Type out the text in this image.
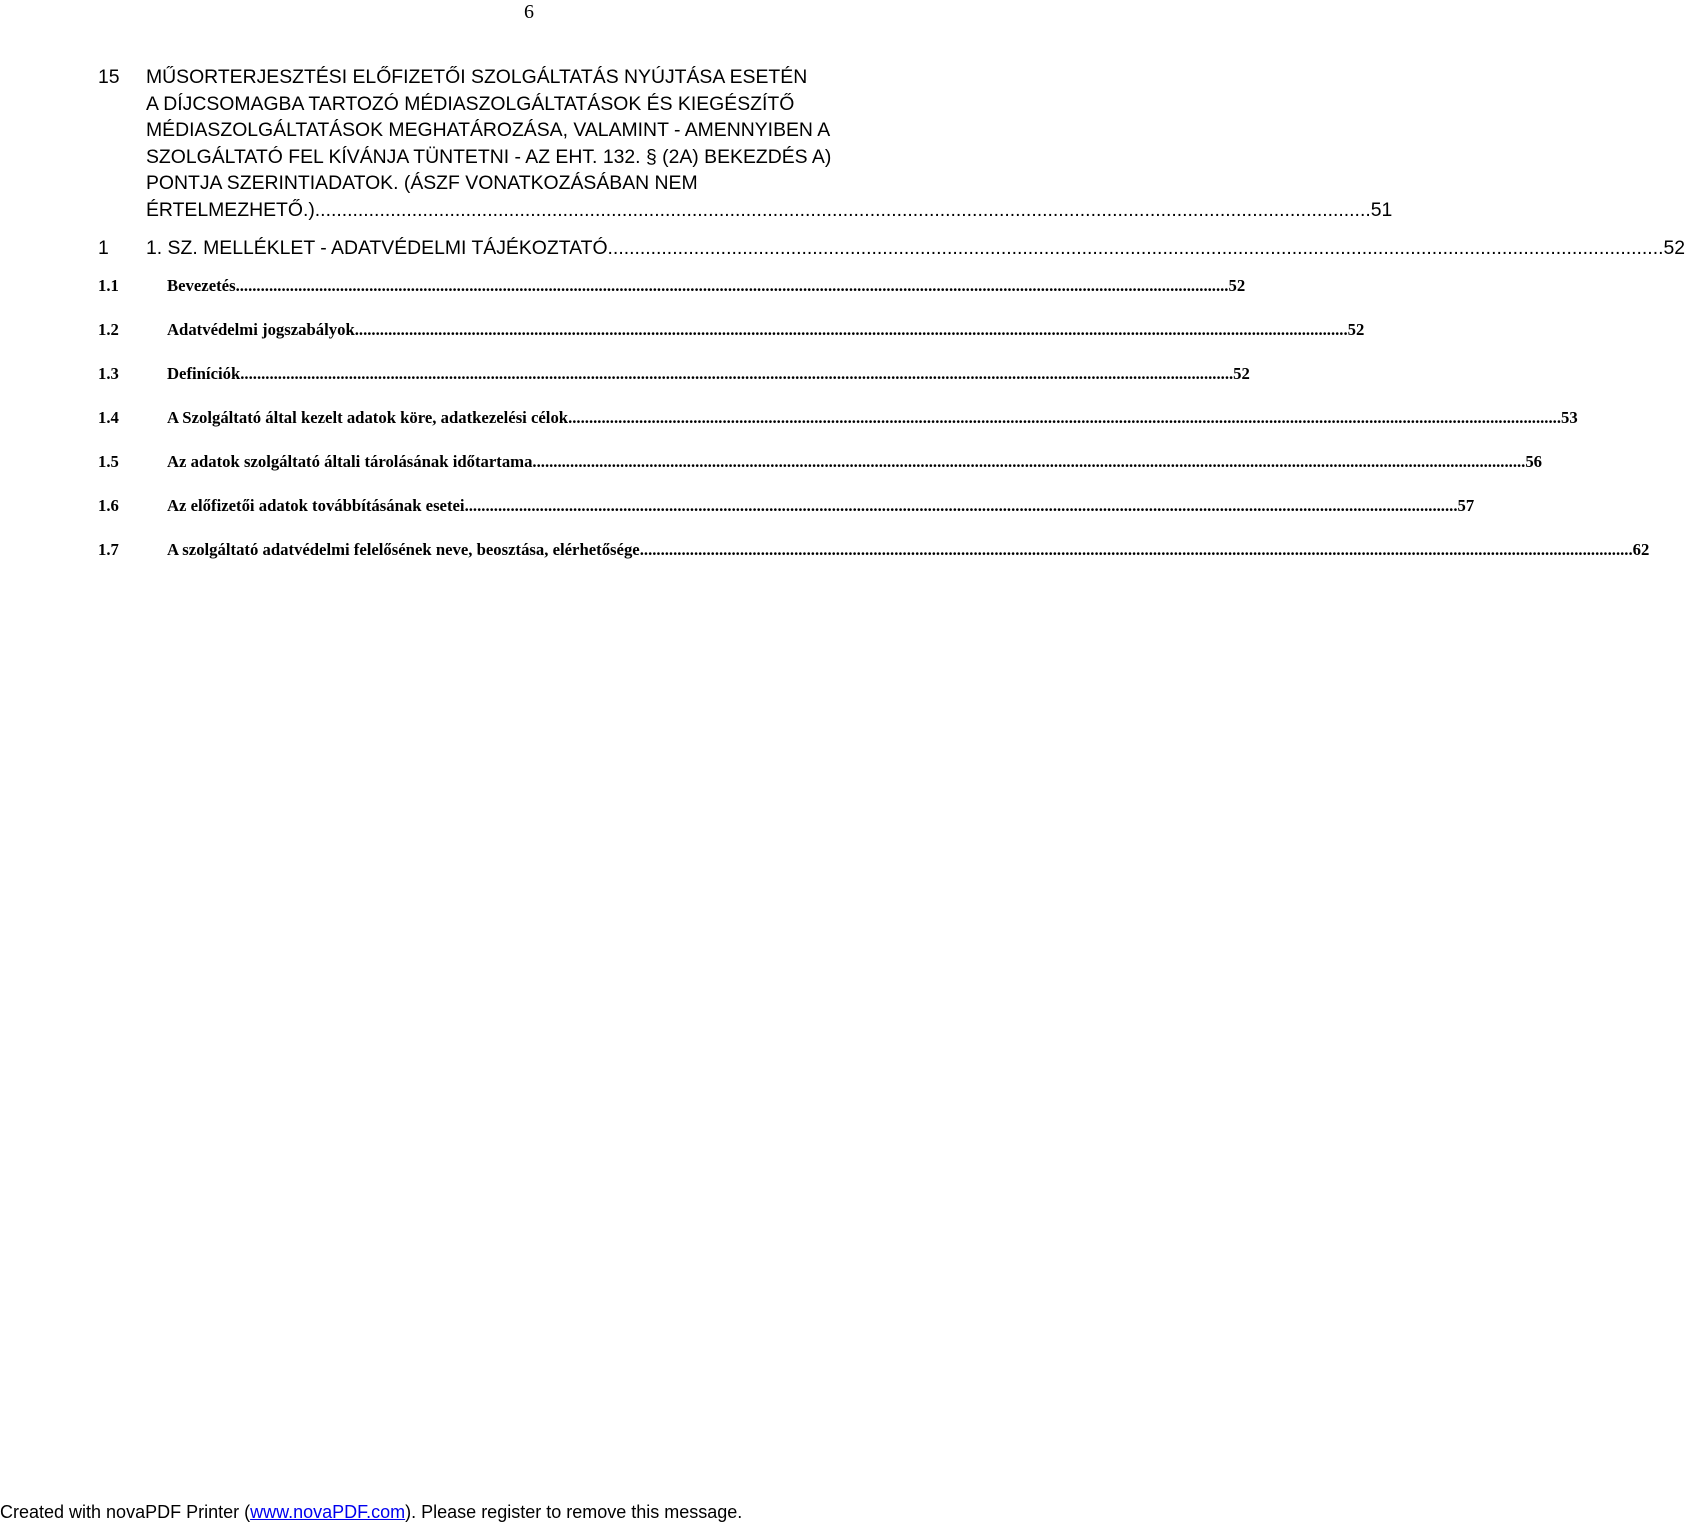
6
15	MŰSORTERJESZTÉSI ELŐFIZETŐI SZOLGÁLTATÁS NYÚJTÁSA ESETÉN
A DÍJCSOMAGBA TARTOZÓ MÉDIASZOLGÁLTATÁSOK ÉS KIEGÉSZÍTŐ
MÉDIASZOLGÁLTATÁSOK MEGHATÁROZÁSA, VALAMINT - AMENNYIBEN A
SZOLGÁLTATÓ FEL KÍVÁNJA TÜNTETNI - AZ EHT. 132. § (2A) BEKEZDÉS A)
PONTJA SZERINTIADATOK. (ÁSZF VONATKOZÁSÁBAN NEM
ÉRTELMEZHETŐ.) .................................................................................................................................................................................................... 51
1	1. SZ. MELLÉKLET - ADATVÉDELMI TÁJÉKOZTATÓ .................................................................................................................................................................................................... 52
1.1	Bevezetés .............................................................................................................................................................................................................................................. 52
1.2	Adatvédelmi jogszabályok .............................................................................................................................................................................................................................................. 52
1.3	Definíciók .............................................................................................................................................................................................................................................. 52
1.4	A Szolgáltató által kezelt adatok köre, adatkezelési célok .............................................................................................................................................................................................................................................. 53
1.5	Az adatok szolgáltató általi tárolásának időtartama .............................................................................................................................................................................................................................................. 56
1.6	Az előfizetői adatok továbbításának esetei .............................................................................................................................................................................................................................................. 57
1.7	A szolgáltató adatvédelmi felelősének neve, beosztása, elérhetősége .............................................................................................................................................................................................................................................. 62
Created with novaPDF Printer (www.novaPDF.com). Please register to remove this message.
